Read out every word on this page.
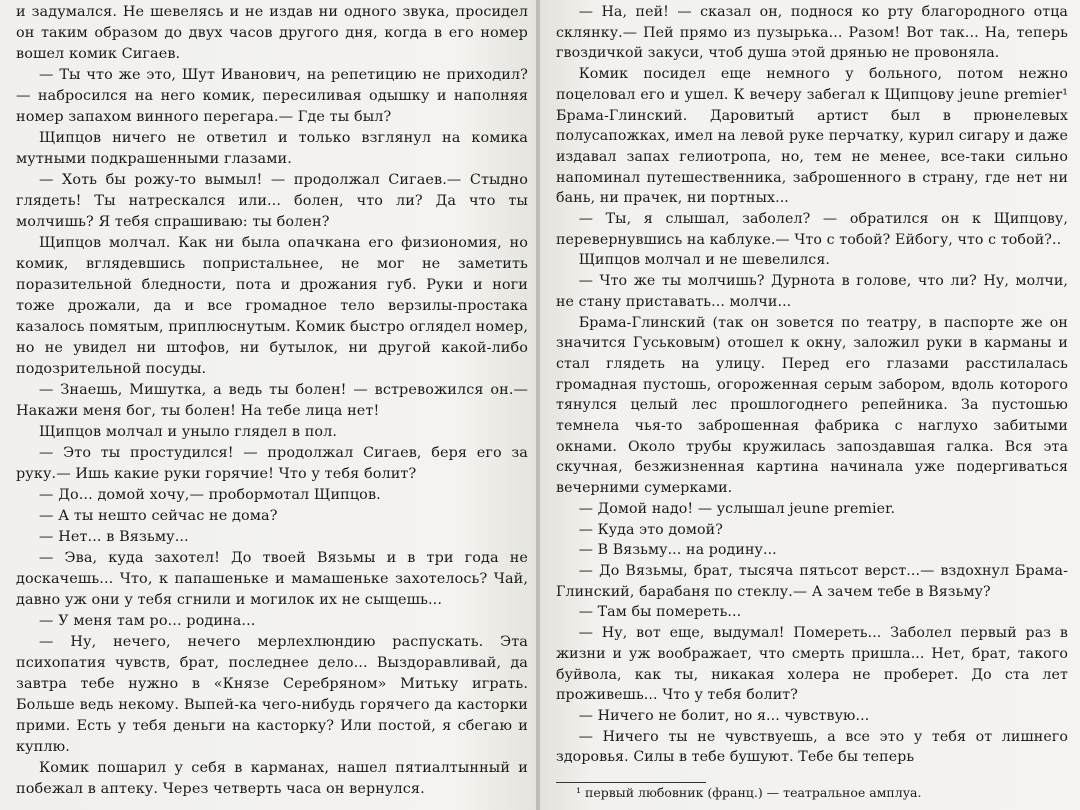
и задумался. Не шевелясь и не издав ни одного звука, просидел он таким образом до двух часов другого дня, когда в его номер вошел комик Сигаев.

— Ты что же это, Шут Иванович, на репетицию не приходил? — набросился на него комик, пересиливая одышку и наполняя номер запахом винного перегара.— Где ты был?

Щипцов ничего не ответил и только взглянул на комика мутными подкрашенными глазами.

— Хоть бы рожу-то вымыл! — продолжал Сигаев.— Стыдно глядеть! Ты натрескался или... болен, что ли? Да что ты молчишь? Я тебя спрашиваю: ты болен?

Щипцов молчал. Как ни была опачкана его физиономия, но комик, вглядевшись попристальнее, не мог не заметить поразительной бледности, пота и дрожания губ. Руки и ноги тоже дрожали, да и все громадное тело верзилы-простака казалось помятым, приплюснутым. Комик быстро оглядел номер, но не увидел ни штофов, ни бутылок, ни другой какой-либо подозрительной посуды.

— Знаешь, Мишутка, а ведь ты болен! — встревожился он.— Накажи меня бог, ты болен! На тебе лица нет!

Щипцов молчал и уныло глядел в пол.

— Это ты простудился! — продолжал Сигаев, беря его за руку.— Ишь какие руки горячие! Что у тебя болит?

— До... домой хочу,— пробормотал Щипцов.

— А ты нешто сейчас не дома?

— Нет... в Вязьму...

— Эва, куда захотел! До твоей Вязьмы и в три года не доскачешь... Что, к папашеньке и мамашеньке захотелось? Чай, давно уж они у тебя сгнили и могилок их не сыщешь...

— У меня там ро... родина...

— Ну, нечего, нечего мерлехлюндию распускать. Эта психопатия чувств, брат, последнее дело... Выздоравливай, да завтра тебе нужно в «Князе Серебряном» Митьку играть. Больше ведь некому. Выпей-ка чего-нибудь горячего да касторки прими. Есть у тебя деньги на касторку? Или постой, я сбегаю и куплю.

Комик пошарил у себя в карманах, нашел пятиалтынный и побежал в аптеку. Через четверть часа он вернулся.

— На, пей! — сказал он, поднося ко рту благородного отца склянку.— Пей прямо из пузырька... Разом! Вот так... На, теперь гвоздичкой закуси, чтоб душа этой дрянью не провоняла.

Комик посидел еще немного у больного, потом нежно поцеловал его и ушел. К вечеру забегал к Щипцову jeune premier¹ Брама-Глинский. Даровитый артист был в прюнелевых полусапожках, имел на левой руке перчатку, курил сигару и даже издавал запах гелиотропа, но, тем не менее, все-таки сильно напоминал путешественника, заброшенного в страну, где нет ни бань, ни прачек, ни портных...

— Ты, я слышал, заболел? — обратился он к Щипцову, перевернувшись на каблуке.— Что с тобой? Ейбогу, что с тобой?..

Щипцов молчал и не шевелился.

— Что же ты молчишь? Дурнота в голове, что ли? Ну, молчи, не стану приставать... молчи...

Брама-Глинский (так он зовется по театру, в паспорте же он значится Гуськовым) отошел к окну, заложил руки в карманы и стал глядеть на улицу. Перед его глазами расстилалась громадная пустошь, огороженная серым забором, вдоль которого тянулся целый лес прошлогоднего репейника. За пустошью темнела чья-то заброшенная фабрика с наглухо забитыми окнами. Около трубы кружилась запоздавшая галка. Вся эта скучная, безжизненная картина начинала уже подергиваться вечерними сумерками.

— Домой надо! — услышал jeune premier.

— Куда это домой?

— В Вязьму... на родину...

— До Вязьмы, брат, тысяча пятьсот верст...— вздохнул Брама-Глинский, барабаня по стеклу.— А зачем тебе в Вязьму?

— Там бы помереть...

— Ну, вот еще, выдумал! Помереть... Заболел первый раз в жизни и уж воображает, что смерть пришла... Нет, брат, такого буйвола, как ты, никакая холера не проберет. До ста лет проживешь... Что у тебя болит?

— Ничего не болит, но я... чувствую...

— Ничего ты не чувствуешь, а все это у тебя от лишнего здоровья. Силы в тебе бушуют. Тебе бы теперь

¹ первый любовник (франц.) — театральное амплуа.
